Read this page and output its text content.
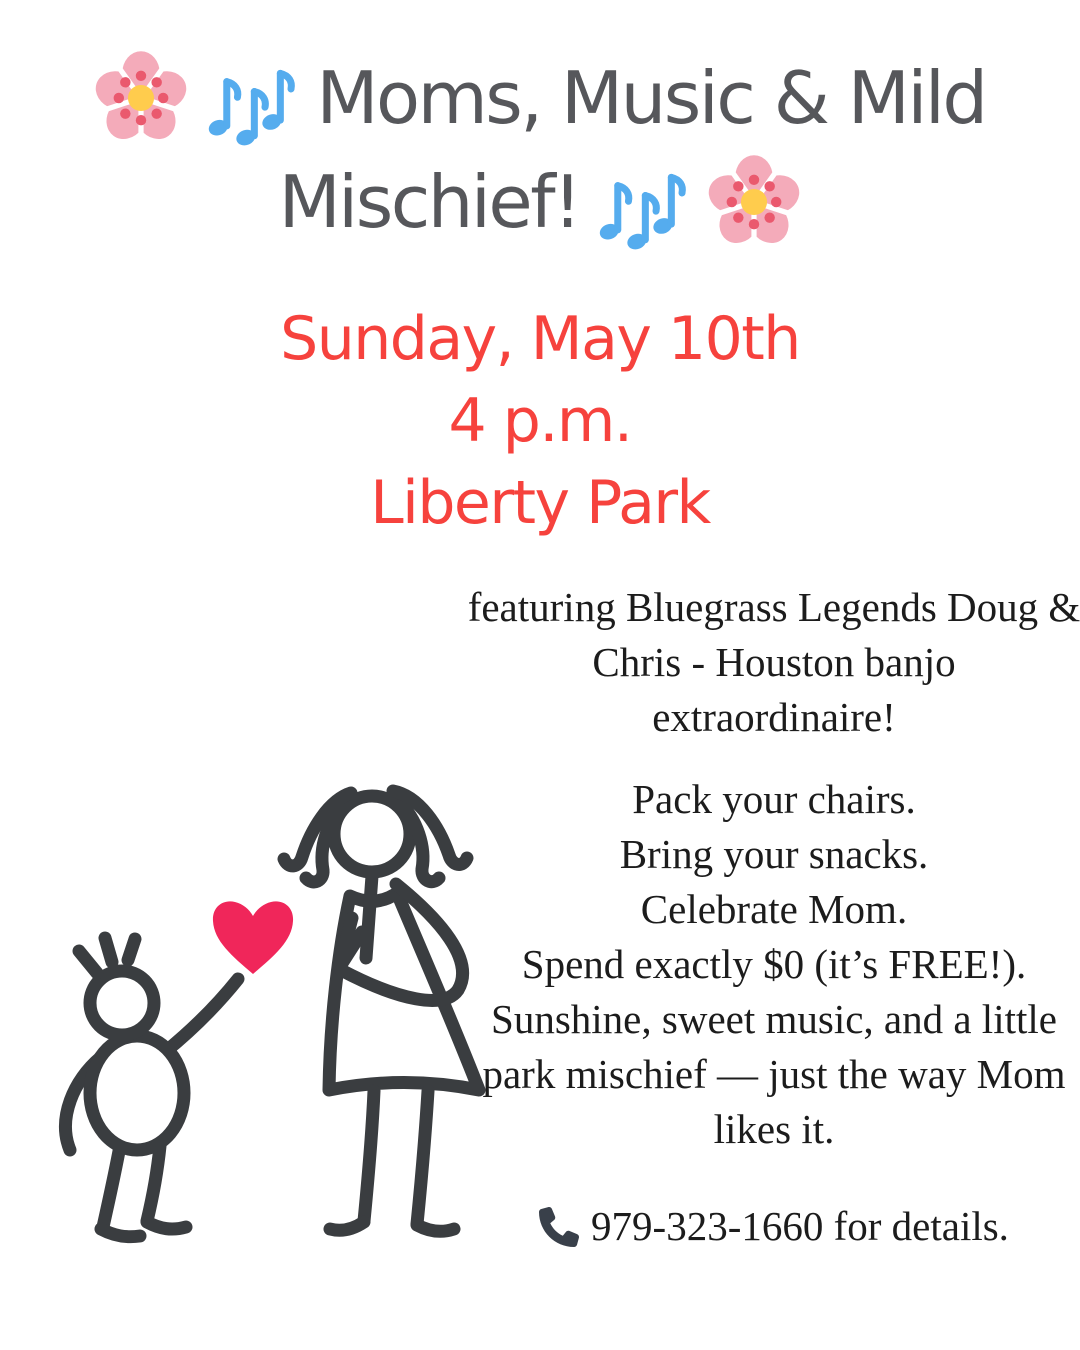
Moms, Music & Mild
Mischief!
Sunday, May 10th
4 p.m.
Liberty Park

featuring Bluegrass Legends Doug & Chris - Houston banjo extraordinaire!

Pack your chairs.
Bring your snacks.
Celebrate Mom.
Spend exactly $0 (it’s FREE!).

Sunshine, sweet music, and a little park mischief — just the way Mom likes it.

979-323-1660 for details.
